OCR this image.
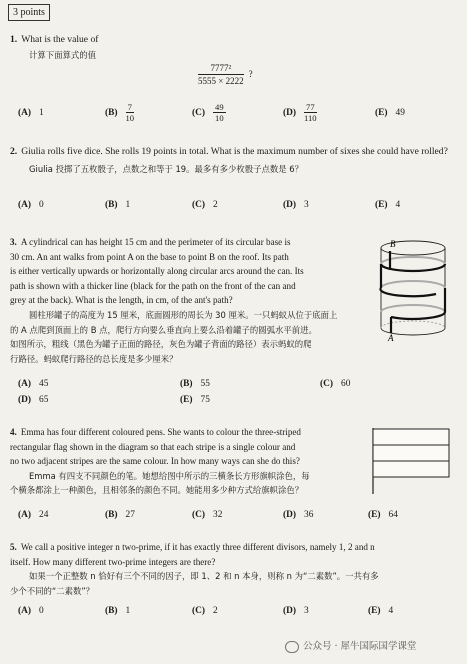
3 points
1. What is the value of
计算下面算式的值
7777²
5555 × 2222
?
(A) 1	$(B) \frac{7}{10}$	$(C) \frac{49}{10}$	$(D) \frac{77}{110}$	(E) 49
2. Giulia rolls five dice. She rolls 19 points in total. What is the maximum number of sixes she could have rolled?
Giulia 投掷了五枚骰子，点数之和等于 19。最多有多少枚骰子点数是 6？
(A) 0	(B) 1	(C) 2	(D) 3	(E) 4
3. A cylindrical can has height 15 cm and the perimeter of its circular base is
30 cm. An ant walks from point A on the base to point B on the roof. Its path
is either vertically upwards or horizontally along circular arcs around the can. Its
path is shown with a thicker line (black for the path on the front of the can and
grey at the back). What is the length, in cm, of the ant's path?
圆柱形罐子的高度为 15 厘米，底面圆形的周长为 30 厘米。一只蚂蚁从位于底面上
的 A 点爬到顶面上的 B 点，爬行方向要么垂直向上要么沿着罐子的圆弧水平前进。
如图所示，粗线（黑色为罐子正面的路径，灰色为罐子背面的路径）表示蚂蚁的爬
行路径。蚂蚁爬行路径的总长度是多少厘米？
B
A
(A) 45	(B) 55	(C) 60
(D) 65	(E) 75
4. Emma has four different coloured pens. She wants to colour the three-striped
rectangular flag shown in the diagram so that each stripe is a single colour and
no two adjacent stripes are the same colour. In how many ways can she do this?
Emma 有四支不同颜色的笔。她想给图中所示的三横条长方形旗帜涂色，每
个横条都涂上一种颜色，且相邻条的颜色不同。她能用多少种方式给旗帜涂色？
(A) 24	(B) 27	(C) 32	(D) 36	(E) 64
5. We call a positive integer n two-prime, if it has exactly three different divisors, namely 1, 2 and n
itself. How many different two-prime integers are there?
如果一个正整数 n 恰好有三个不同的因子，即 1、2 和 n 本身，则称 n 为“二素数”。一共有多
少个不同的“二素数”？
(A) 0	(B) 1	(C) 2	(D) 3	(E) 4
公众号 · 犀牛国际国学课堂
